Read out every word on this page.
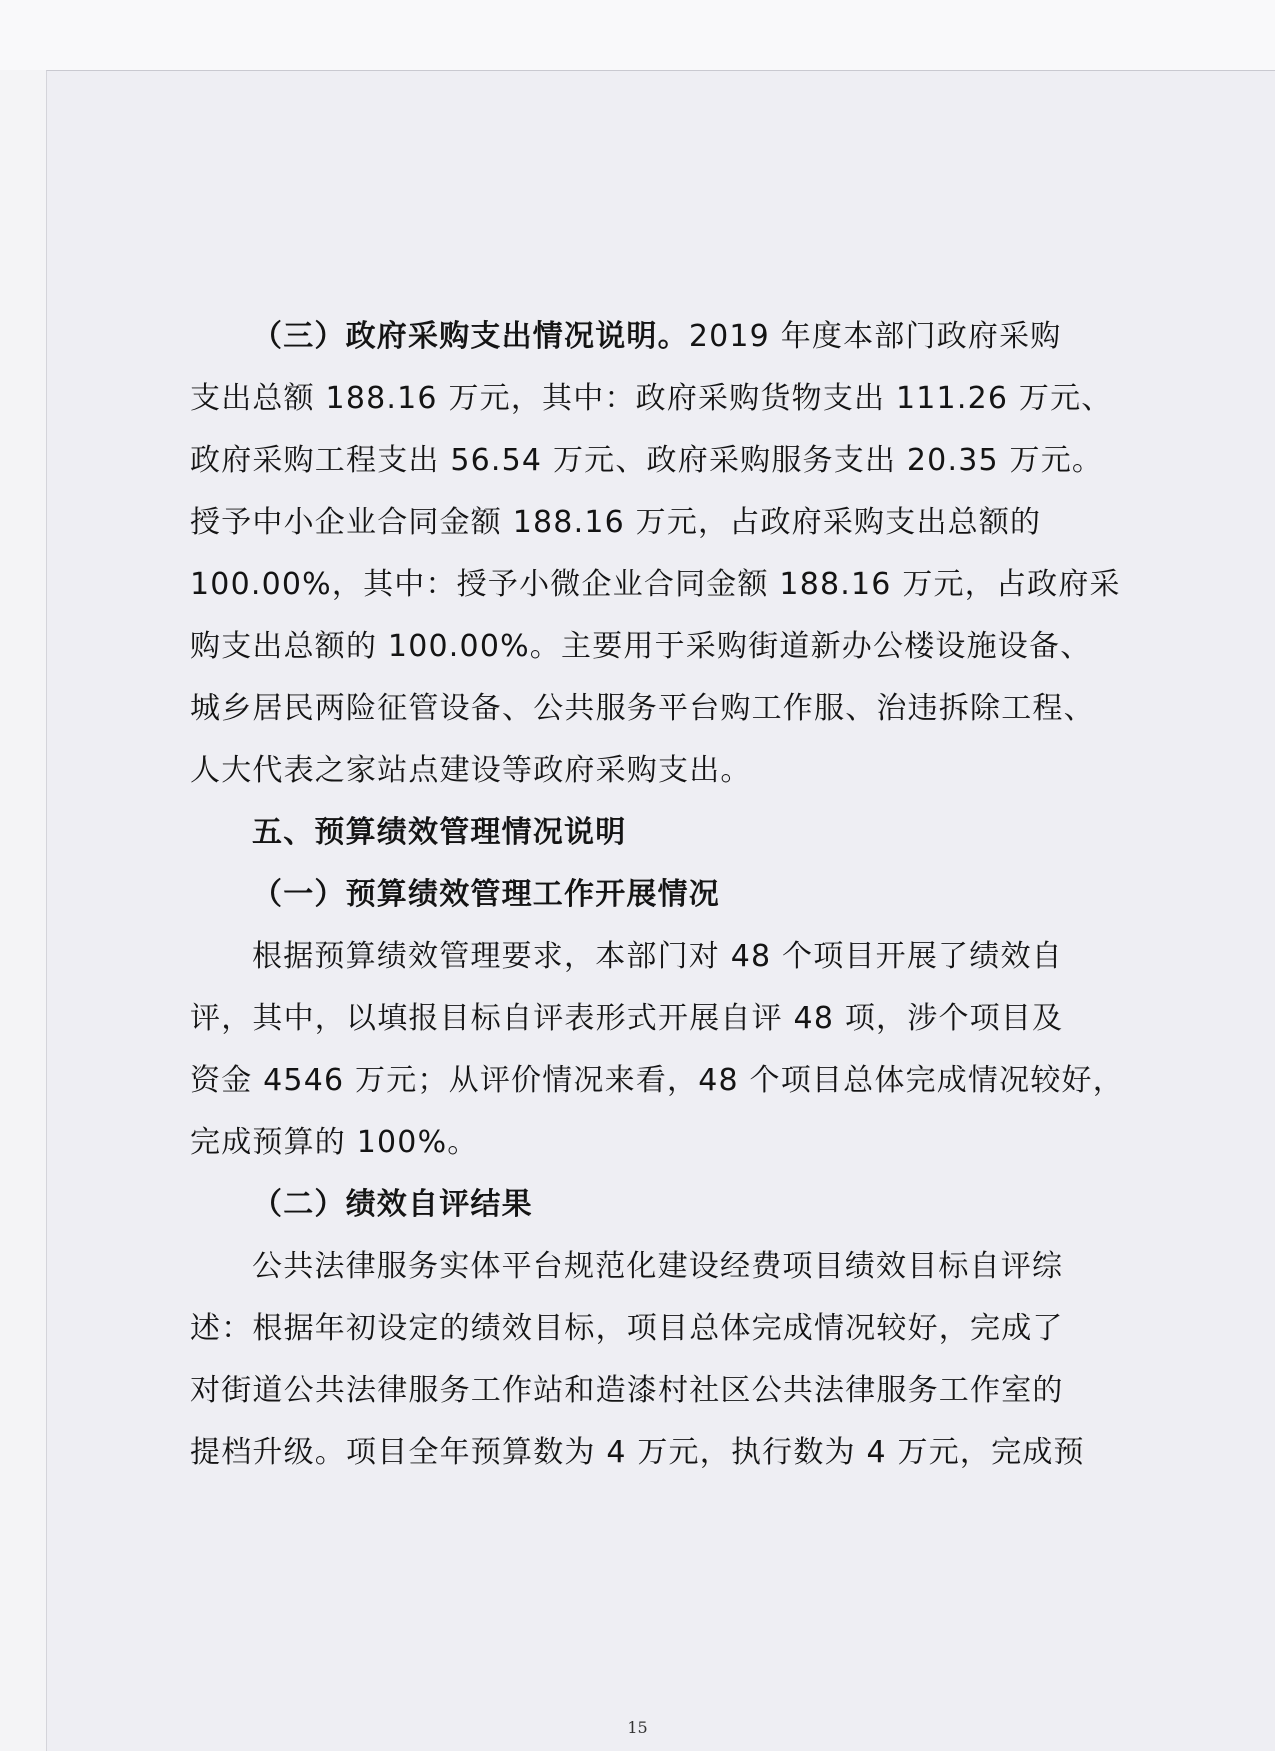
（三）政府采购支出情况说明。2019 年度本部门政府采购

支出总额 188.16 万元，其中：政府采购货物支出 111.26 万元、

政府采购工程支出 56.54 万元、政府采购服务支出 20.35 万元。

授予中小企业合同金额 188.16 万元，占政府采购支出总额的

100.00%，其中：授予小微企业合同金额 188.16 万元，占政府采

购支出总额的 100.00%。主要用于采购街道新办公楼设施设备、

城乡居民两险征管设备、公共服务平台购工作服、治违拆除工程、

人大代表之家站点建设等政府采购支出。

五、预算绩效管理情况说明

（一）预算绩效管理工作开展情况

根据预算绩效管理要求，本部门对 48 个项目开展了绩效自

评，其中，以填报目标自评表形式开展自评 48 项，涉个项目及

资金 4546 万元；从评价情况来看，48 个项目总体完成情况较好，

完成预算的 100%。

（二）绩效自评结果

公共法律服务实体平台规范化建设经费项目绩效目标自评综

述：根据年初设定的绩效目标，项目总体完成情况较好，完成了

对街道公共法律服务工作站和造漆村社区公共法律服务工作室的

提档升级。项目全年预算数为 4 万元，执行数为 4 万元，完成预

15
